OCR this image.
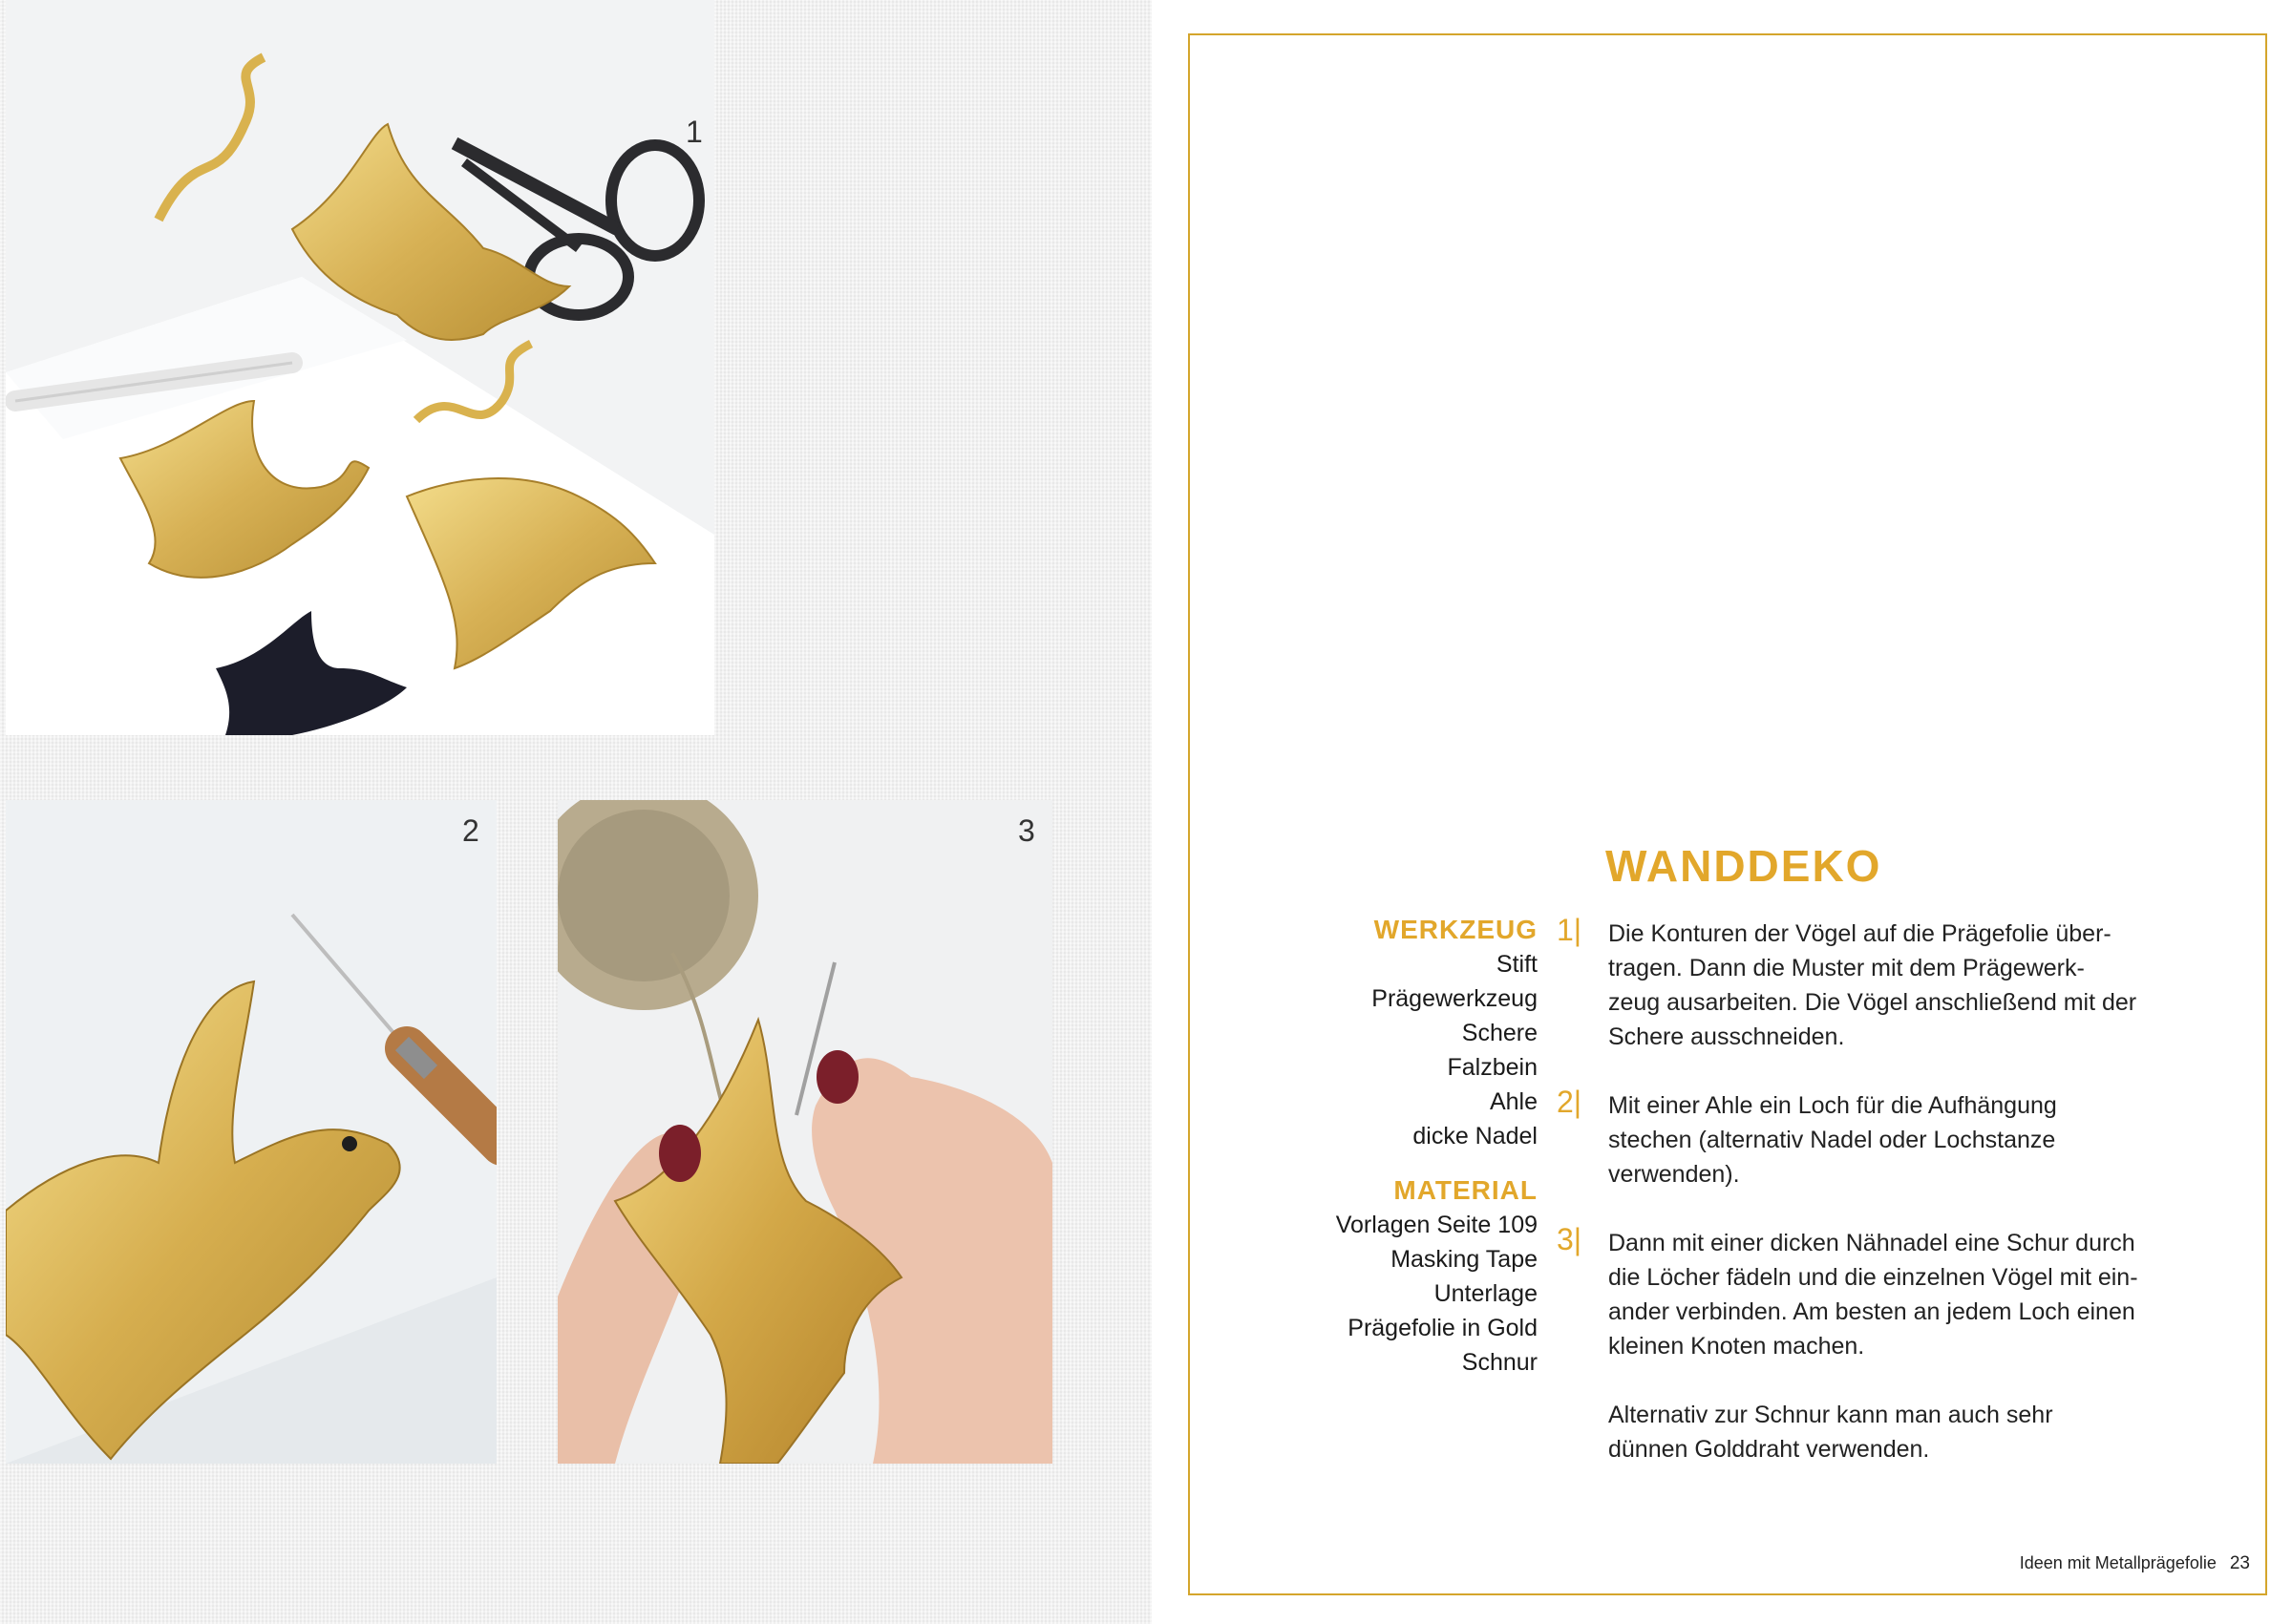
1
2	3
WANDDEKO
WERKZEUG
Stift
Prägewerkzeug
Schere
Falzbein
Ahle
dicke Nadel
MATERIAL
Vorlagen Seite 109
Masking Tape
Unterlage
Prägefolie in Gold
Schnur
1| Die Konturen der Vögel auf die Prägefolie über-
tragen. Dann die Muster mit dem Prägewerk-
zeug ausarbeiten. Die Vögel anschließend mit der
Schere ausschneiden.

2| Mit einer Ahle ein Loch für die Aufhängung
stechen (alternativ Nadel oder Lochstanze
verwenden).

3| Dann mit einer dicken Nähnadel eine Schur durch
die Löcher fädeln und die einzelnen Vögel mit ein-
ander verbinden. Am besten an jedem Loch einen
kleinen Knoten machen.

Alternativ zur Schnur kann man auch sehr
dünnen Golddraht verwenden.

Ideen mit Metallprägefolie 23
